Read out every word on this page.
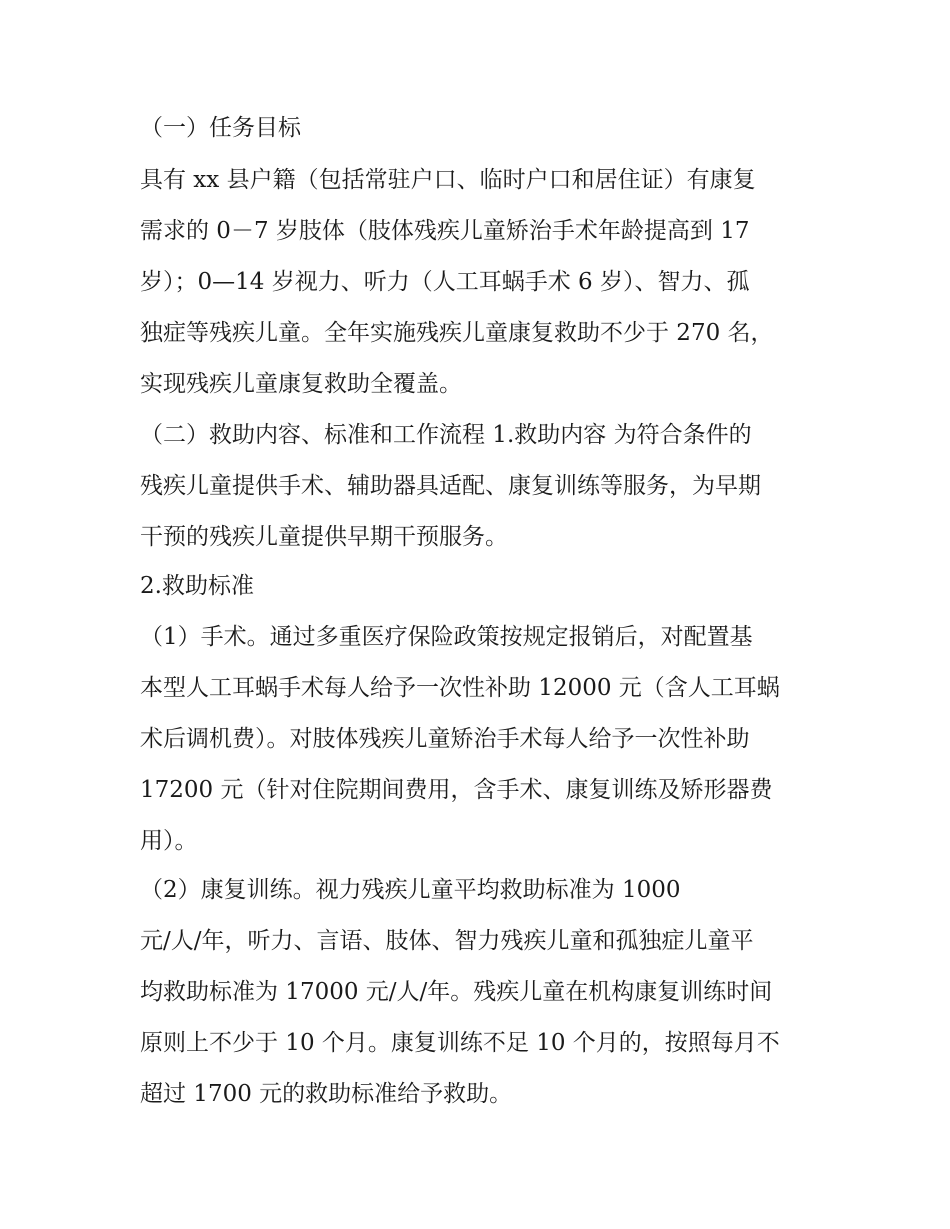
（一）任务目标
具有 xx 县户籍（包括常驻户口、临时户口和居住证）有康复
需求的 0－7 岁肢体（肢体残疾儿童矫治手术年龄提高到 17
岁）；0—14 岁视力、听力（人工耳蜗手术 6 岁）、智力、孤
独症等残疾儿童。全年实施残疾儿童康复救助不少于 270 名，
实现残疾儿童康复救助全覆盖。
（二）救助内容、标准和工作流程 1.救助内容 为符合条件的
残疾儿童提供手术、辅助器具适配、康复训练等服务，为早期
干预的残疾儿童提供早期干预服务。
2.救助标准
（1）手术。通过多重医疗保险政策按规定报销后，对配置基
本型人工耳蜗手术每人给予一次性补助 12000 元（含人工耳蜗
术后调机费）。对肢体残疾儿童矫治手术每人给予一次性补助
17200 元（针对住院期间费用，含手术、康复训练及矫形器费
用）。
（2）康复训练。视力残疾儿童平均救助标准为 1000
元/人/年，听力、言语、肢体、智力残疾儿童和孤独症儿童平
均救助标准为 17000 元/人/年。残疾儿童在机构康复训练时间
原则上不少于 10 个月。康复训练不足 10 个月的，按照每月不
超过 1700 元的救助标准给予救助。
